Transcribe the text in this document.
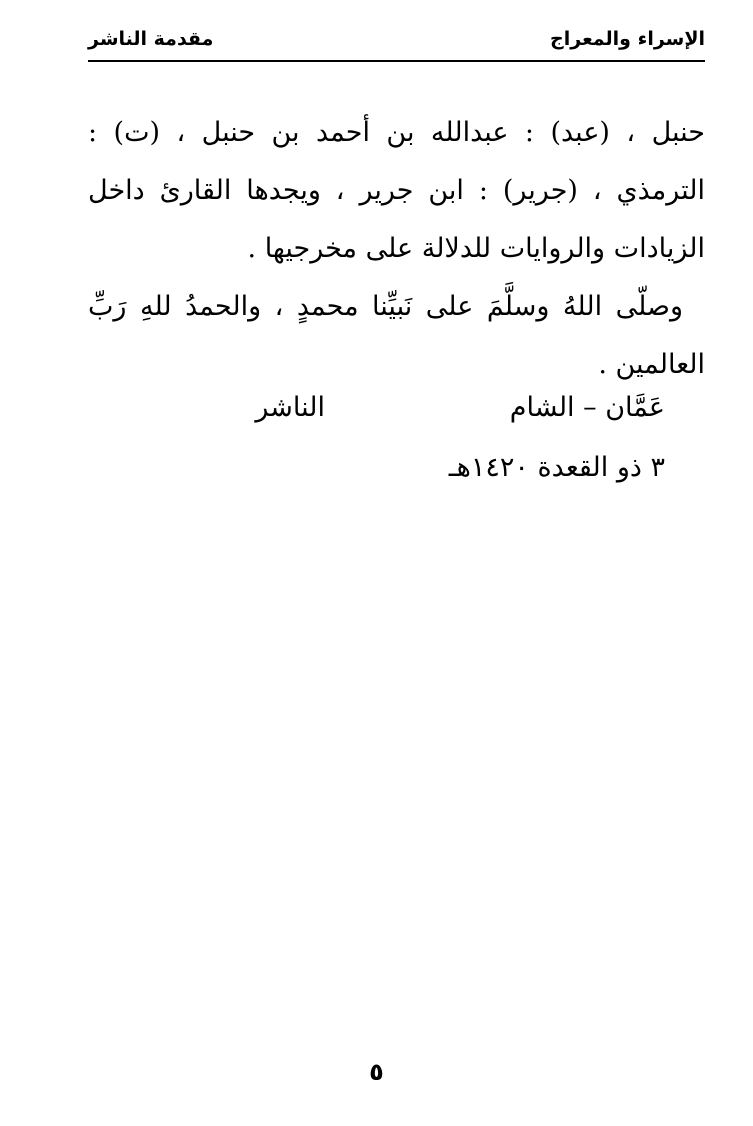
الإسراء والمعراج
مقدمة الناشر

حنبل ، (عبد) : عبدالله بن أحمد بن حنبل ، (ت) : الترمذي ، (جرير) : ابن جرير ، ويجدها القارئ داخل الزيادات والروايات للدلالة على مخرجيها .

وصلّى اللهُ وسلَّمَ على نَبيِّنا محمدٍ ، والحمدُ للهِ رَبِّ العالمين .

عَمَّان – الشام
الناشر
٣ ذو القعدة ١٤٢٠هـ
٥
